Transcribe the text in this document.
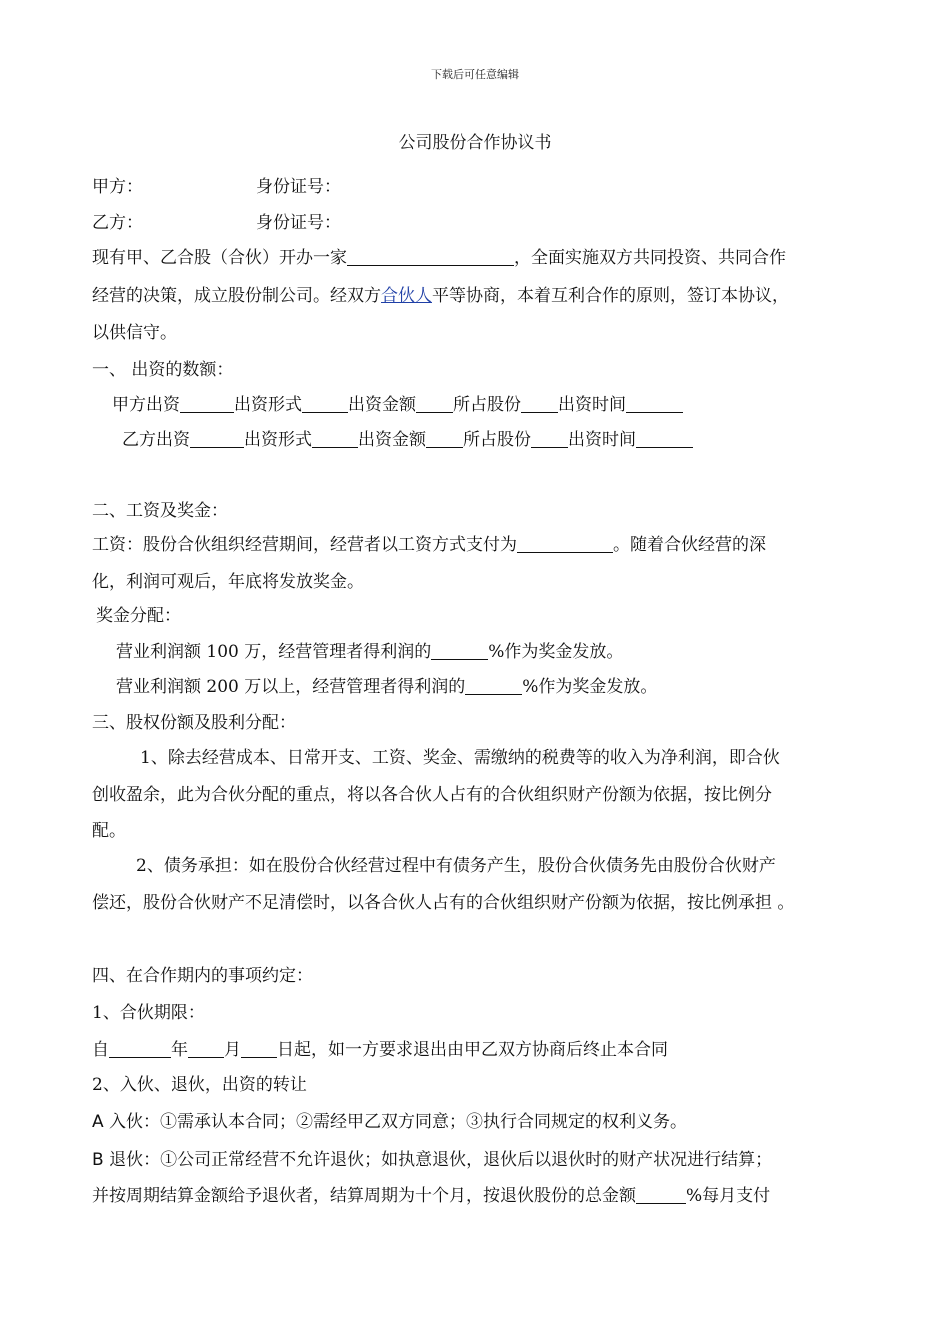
下载后可任意编辑
公司股份合作协议书
甲方：	身份证号：
乙方：	身份证号：
现有甲、乙合股（合伙）开办一家	，全面实施双方共同投资、共同合作
经营的决策，成立股份制公司。经双方合伙人平等协商，本着互利合作的原则，签订本协议，
以供信守。
一、 出资的数额：
甲方出资	出资形式	出资金额 所占股份 出资时间
乙方出资	出资形式	出资金额 所占股份 出资时间
二、工资及奖金：
工资：股份合伙组织经营期间，经营者以工资方式支付为	。随着合伙经营的深
化，利润可观后，年底将发放奖金。
奖金分配：
营业利润额 100 万，经营管理者得利润的	%作为奖金发放。
营业利润额 200 万以上，经营管理者得利润的	%作为奖金发放。
三、股权份额及股利分配：
1、除去经营成本、日常开支、工资、奖金、需缴纳的税费等的收入为净利润，即合伙
创收盈余，此为合伙分配的重点，将以各合伙人占有的合伙组织财产份额为依据，按比例分
配。
2、债务承担：如在股份合伙经营过程中有债务产生，股份合伙债务先由股份合伙财产
偿还，股份合伙财产不足清偿时，以各合伙人占有的合伙组织财产份额为依据，按比例承担 。
四、在合作期内的事项约定：
1、合伙期限：
自	年 月 日起，如一方要求退出由甲乙双方协商后终止本合同
2、入伙、退伙，出资的转让
A 入伙：①需承认本合同；②需经甲乙双方同意；③执行合同规定的权利义务。
B 退伙：①公司正常经营不允许退伙；如执意退伙，退伙后以退伙时的财产状况进行结算；
并按周期结算金额给予退伙者，结算周期为十个月，按退伙股份的总金额	%每月支付
